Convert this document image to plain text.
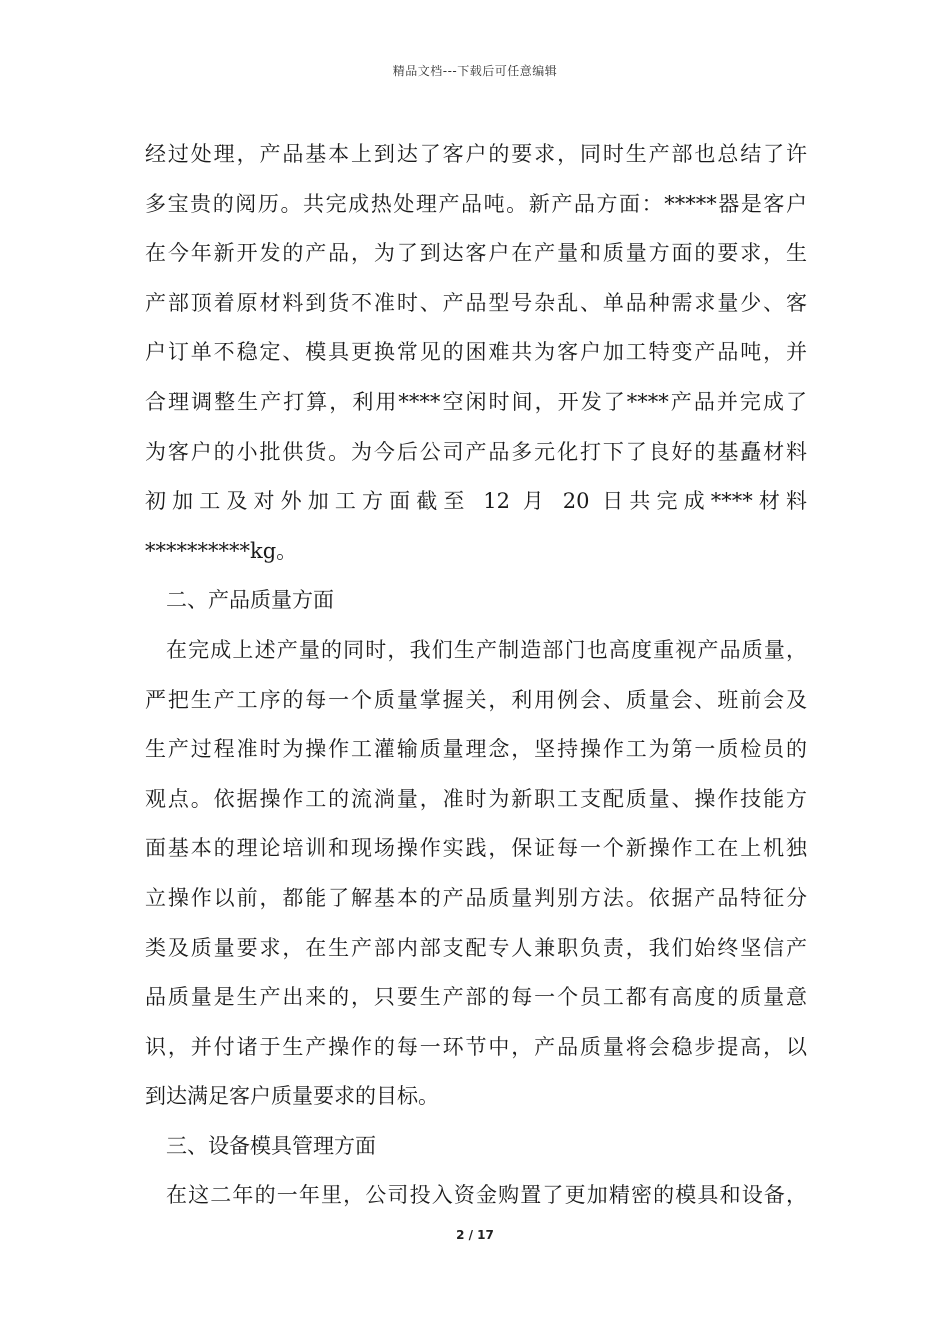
精品文档---下载后可任意编辑
经过处理，产品基本上到达了客户的要求，同时生产部也总结了许
多宝贵的阅历。共完成热处理产品吨。新产品方面：*****器是客户
在今年新开发的产品，为了到达客户在产量和质量方面的要求，生
产部顶着原材料到货不准时、产品型号杂乱、单品种需求量少、客
户订单不稳定、模具更换常见的困难共为客户加工特变产品吨，并
合理调整生产打算，利用****空闲时间，开发了****产品并完成了
为客户的小批供货。为今后公司产品多元化打下了良好的基矗材料
初加工及对外加工方面截至 12 月 20 日共完成****材料
**********kg。
二、产品质量方面
在完成上述产量的同时，我们生产制造部门也高度重视产品质量，
严把生产工序的每一个质量掌握关，利用例会、质量会、班前会及
生产过程准时为操作工灌输质量理念，坚持操作工为第一质检员的
观点。依据操作工的流淌量，准时为新职工支配质量、操作技能方
面基本的理论培训和现场操作实践，保证每一个新操作工在上机独
立操作以前，都能了解基本的产品质量判别方法。依据产品特征分
类及质量要求，在生产部内部支配专人兼职负责，我们始终坚信产
品质量是生产出来的，只要生产部的每一个员工都有高度的质量意
识，并付诸于生产操作的每一环节中，产品质量将会稳步提高，以
到达满足客户质量要求的目标。
三、设备模具管理方面
在这二年的一年里，公司投入资金购置了更加精密的模具和设备，
2 / 17
